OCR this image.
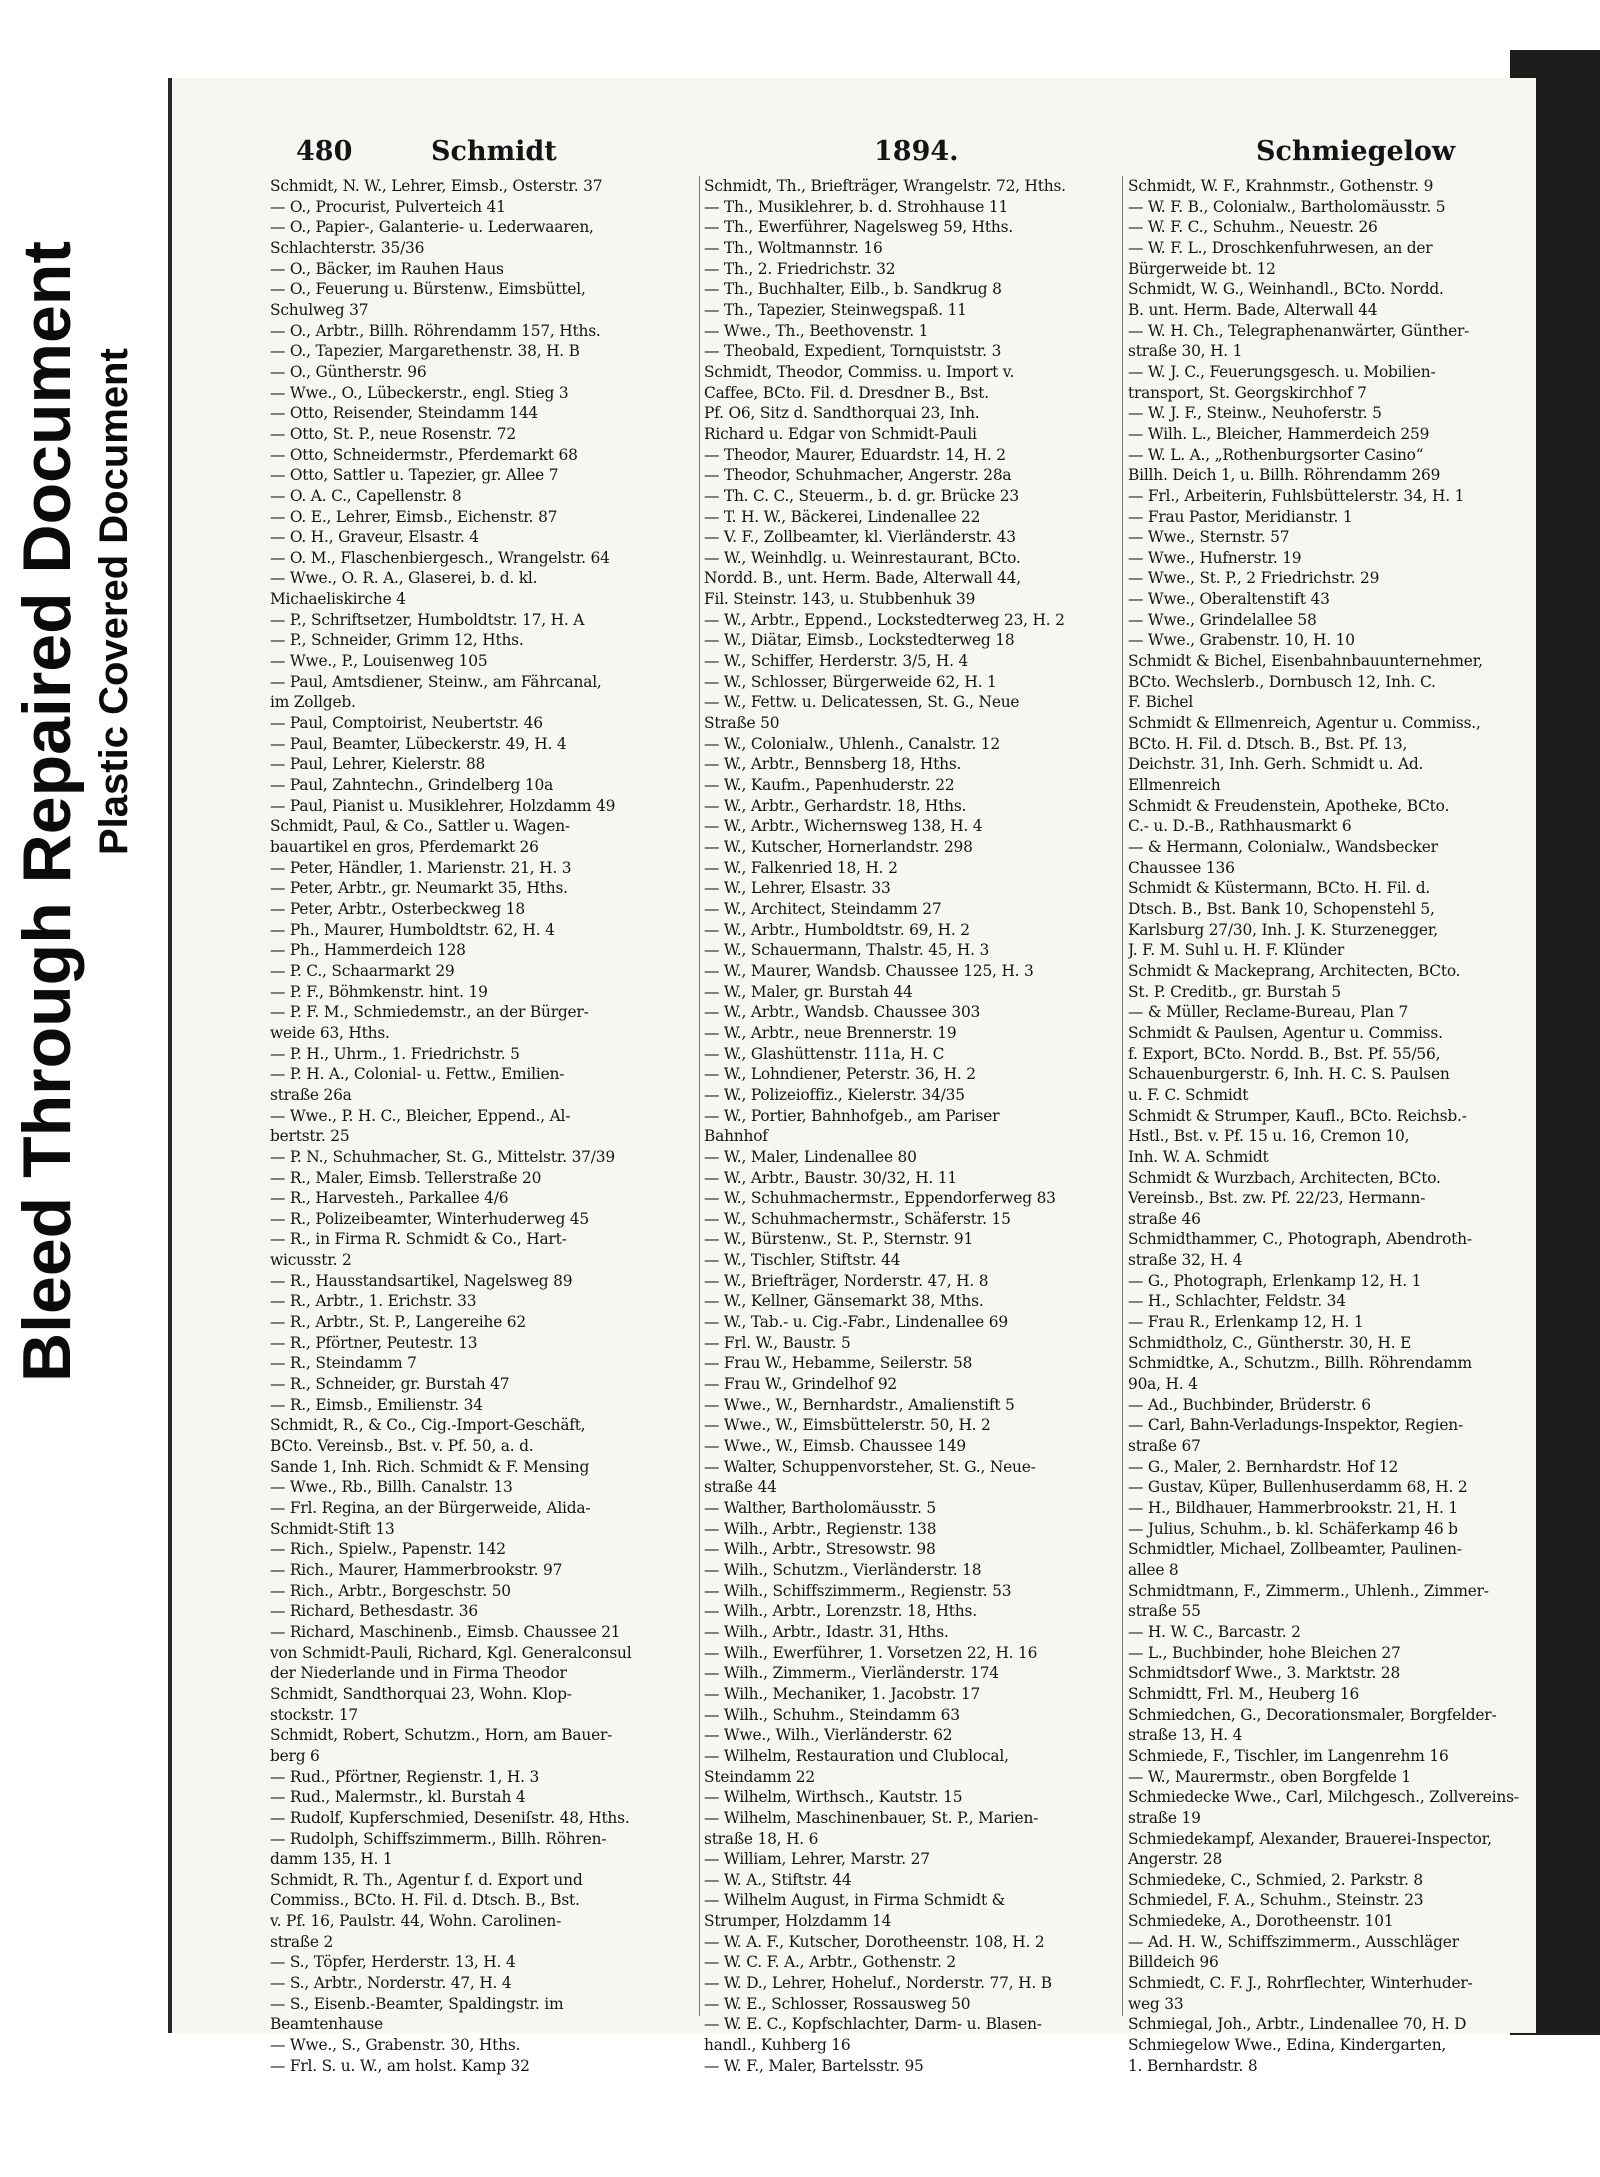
Bleed Through Repaired Document Plastic Covered Document
480	Schmidt	1894.	Schmiegelow

Schmidt, N. W., Lehrer, Eimsb., Osterstr. 37

— O., Procurist, Pulverteich 41

— O., Papier-, Galanterie- u. Lederwaaren,

Schlachterstr. 35/36

— O., Bäcker, im Rauhen Haus

— O., Feuerung u. Bürstenw., Eimsbüttel,

Schulweg 37

— O., Arbtr., Billh. Röhrendamm 157, Hths.

— O., Tapezier, Margarethenstr. 38, H. B

— O., Güntherstr. 96

— Wwe., O., Lübeckerstr., engl. Stieg 3

— Otto, Reisender, Steindamm 144

— Otto, St. P., neue Rosenstr. 72

— Otto, Schneidermstr., Pferdemarkt 68

— Otto, Sattler u. Tapezier, gr. Allee 7

— O. A. C., Capellenstr. 8

— O. E., Lehrer, Eimsb., Eichenstr. 87

— O. H., Graveur, Elsastr. 4

— O. M., Flaschenbiergesch., Wrangelstr. 64

— Wwe., O. R. A., Glaserei, b. d. kl.

Michaeliskirche 4

— P., Schriftsetzer, Humboldtstr. 17, H. A

— P., Schneider, Grimm 12, Hths.

— Wwe., P., Louisenweg 105

— Paul, Amtsdiener, Steinw., am Fährcanal,

im Zollgeb.

— Paul, Comptoirist, Neubertstr. 46

— Paul, Beamter, Lübeckerstr. 49, H. 4

— Paul, Lehrer, Kielerstr. 88

— Paul, Zahntechn., Grindelberg 10a

— Paul, Pianist u. Musiklehrer, Holzdamm 49

Schmidt, Paul, & Co., Sattler u. Wagen-

bauartikel en gros, Pferdemarkt 26

— Peter, Händler, 1. Marienstr. 21, H. 3

— Peter, Arbtr., gr. Neumarkt 35, Hths.

— Peter, Arbtr., Osterbeckweg 18

— Ph., Maurer, Humboldtstr. 62, H. 4

— Ph., Hammerdeich 128

— P. C., Schaarmarkt 29

— P. F., Böhmkenstr. hint. 19

— P. F. M., Schmiedemstr., an der Bürger-

weide 63, Hths.

— P. H., Uhrm., 1. Friedrichstr. 5

— P. H. A., Colonial- u. Fettw., Emilien-

straße 26a

— Wwe., P. H. C., Bleicher, Eppend., Al-

bertstr. 25

— P. N., Schuhmacher, St. G., Mittelstr. 37/39

— R., Maler, Eimsb. Tellerstraße 20

— R., Harvestеh., Parkallee 4/6

— R., Polizeibeamter, Winterhuderweg 45

— R., in Firma R. Schmidt & Co., Hart-

wicusstr. 2

— R., Hausstandsartikel, Nagelsweg 89

— R., Arbtr., 1. Erichstr. 33

— R., Arbtr., St. P., Langereihe 62

— R., Pförtner, Peutestr. 13

— R., Steindamm 7

— R., Schneider, gr. Burstah 47

— R., Eimsb., Emilienstr. 34

Schmidt, R., & Co., Cig.-Import-Geschäft,

BCto. Vereinsb., Bst. v. Pf. 50, a. d.

Sande 1, Inh. Rich. Schmidt & F. Mensing

— Wwe., Rb., Billh. Canalstr. 13

— Frl. Regina, an der Bürgerweide, Alida-

Schmidt-Stift 13

— Rich., Spielw., Papenstr. 142

— Rich., Maurer, Hammerbrookstr. 97

— Rich., Arbtr., Borgeschstr. 50

— Richard, Bethesdastr. 36

— Richard, Maschinenb., Eimsb. Chaussee 21

von Schmidt-Pauli, Richard, Kgl. Generalconsul

der Niederlande und in Firma Theodor

Schmidt, Sandthorquai 23, Wohn. Klop-

stockstr. 17

Schmidt, Robert, Schutzm., Horn, am Bauer-

berg 6

— Rud., Pförtner, Regienstr. 1, H. 3

— Rud., Malermstr., kl. Burstah 4

— Rudolf, Kupferschmied, Deseniſstr. 48, Hths.

— Rudolph, Schiffszimmerm., Billh. Röhren-

damm 135, H. 1

Schmidt, R. Th., Agentur f. d. Export und

Commiss., BCto. H. Fil. d. Dtsch. B., Bst.

v. Pf. 16, Paulstr. 44, Wohn. Carolinen-

straße 2

— S., Töpfer, Herderstr. 13, H. 4

— S., Arbtr., Norderstr. 47, H. 4

— S., Eisenb.-Beamter, Spaldingstr. im

Beamtenhause

— Wwe., S., Grabenstr. 30, Hths.

— Frl. S. u. W., am holst. Kamp 32

Schmidt, Th., Briefträger, Wrangelstr. 72, Hths.

— Th., Musiklehrer, b. d. Strohhause 11

— Th., Ewerführer, Nagelsweg 59, Hths.

— Th., Woltmannstr. 16

— Th., 2. Friedrichstr. 32

— Th., Buchhalter, Eilb., b. Sandkrug 8

— Th., Tapezier, Steinwegspaß. 11

— Wwe., Th., Beethovenstr. 1

— Theobald, Expedient, Tornquiststr. 3

Schmidt, Theodor, Commiss. u. Import v.

Caffee, BCto. Fil. d. Dresdner B., Bst.

Pf. O6, Sitz d. Sandthorquai 23, Inh.

Richard u. Edgar von Schmidt-Pauli

— Theodor, Maurer, Eduardstr. 14, H. 2

— Theodor, Schuhmacher, Angerstr. 28a

— Th. C. C., Steuerm., b. d. gr. Brücke 23

— T. H. W., Bäckerei, Lindenallee 22

— V. F., Zollbeamter, kl. Vierländerstr. 43

— W., Weinhdlg. u. Weinrestaurant, BCto.

Nordd. B., unt. Herm. Bade, Alterwall 44,

Fil. Steinstr. 143, u. Stubbenhuk 39

— W., Arbtr., Eppend., Lockstedterweg 23, H. 2

— W., Diätar, Eimsb., Lockstedterweg 18

— W., Schiffer, Herderstr. 3/5, H. 4

— W., Schlosser, Bürgerweide 62, H. 1

— W., Fettw. u. Delicatessen, St. G., Neue

Straße 50

— W., Colonialw., Uhlenh., Canalstr. 12

— W., Arbtr., Bennsberg 18, Hths.

— W., Kaufm., Papenhuderstr. 22

— W., Arbtr., Gerhardstr. 18, Hths.

— W., Arbtr., Wichernsweg 138, H. 4

— W., Kutscher, Hornerlandstr. 298

— W., Falkenried 18, H. 2

— W., Lehrer, Elsastr. 33

— W., Architect, Steindamm 27

— W., Arbtr., Humboldtstr. 69, H. 2

— W., Schauermann, Thalstr. 45, H. 3

— W., Maurer, Wandsb. Chaussee 125, H. 3

— W., Maler, gr. Burstah 44

— W., Arbtr., Wandsb. Chaussee 303

— W., Arbtr., neue Brennerstr. 19

— W., Glashüttenstr. 111a, H. C

— W., Lohndiener, Peterstr. 36, H. 2

— W., Polizeioffiz., Kielerstr. 34/35

— W., Portier, Bahnhofgeb., am Pariser

Bahnhof

— W., Maler, Lindenallee 80

— W., Arbtr., Baustr. 30/32, H. 11

— W., Schuhmachermstr., Eppendorferweg 83

— W., Schuhmachermstr., Schäferstr. 15

— W., Bürstenw., St. P., Sternstr. 91

— W., Tischler, Stiftstr. 44

— W., Briefträger, Norderstr. 47, H. 8

— W., Kellner, Gänsemarkt 38, Mths.

— W., Tab.- u. Cig.-Fabr., Lindenallee 69

— Frl. W., Baustr. 5

— Frau W., Hebamme, Seilerstr. 58

— Frau W., Grindelhof 92

— Wwe., W., Bernhardstr., Amalienstift 5

— Wwe., W., Eimsbüttelerstr. 50, H. 2

— Wwe., W., Eimsb. Chaussee 149

— Walter, Schuppenvorsteher, St. G., Neue-

straße 44

— Walther, Bartholomäusstr. 5

— Wilh., Arbtr., Regienstr. 138

— Wilh., Arbtr., Stresowstr. 98

— Wilh., Schutzm., Vierländerstr. 18

— Wilh., Schiffszimmerm., Regienstr. 53

— Wilh., Arbtr., Lorenzstr. 18, Hths.

— Wilh., Arbtr., Idastr. 31, Hths.

— Wilh., Ewerführer, 1. Vorsetzen 22, H. 16

— Wilh., Zimmerm., Vierländerstr. 174

— Wilh., Mechaniker, 1. Jacobstr. 17

— Wilh., Schuhm., Steindamm 63

— Wwe., Wilh., Vierländerstr. 62

— Wilhelm, Restauration und Clublocal,

Steindamm 22

— Wilhelm, Wirthsch., Kautstr. 15

— Wilhelm, Maschinenbauer, St. P., Marien-

straße 18, H. 6

— William, Lehrer, Marstr. 27

— W. A., Stiftstr. 44

— Wilhelm August, in Firma Schmidt &

Strumper, Holzdamm 14

— W. A. F., Kutscher, Dorotheenstr. 108, H. 2

— W. C. F. A., Arbtr., Gothenstr. 2

— W. D., Lehrer, Hoheluf., Norderstr. 77, H. B

— W. E., Schlosser, Rossausweg 50

— W. E. C., Kopfschlachter, Darm- u. Blasen-

handl., Kuhberg 16

— W. F., Maler, Bartelsstr. 95

Schmidt, W. F., Krahnmstr., Gothenstr. 9

— W. F. B., Colonialw., Bartholomäusstr. 5

— W. F. C., Schuhm., Neuestr. 26

— W. F. L., Droschkenfuhrwesen, an der

Bürgerweide bt. 12

Schmidt, W. G., Weinhandl., BCto. Nordd.

B. unt. Herm. Bade, Alterwall 44

— W. H. Ch., Telegraphenanwärter, Günther-

straße 30, H. 1

— W. J. C., Feuerungsgesch. u. Mobilien-

transport, St. Georgskirchhof 7

— W. J. F., Steinw., Neuhoferstr. 5

— Wilh. L., Bleicher, Hammerdeich 259

— W. L. A., „Rothenburgsorter Casino“

Billh. Deich 1, u. Billh. Röhrendamm 269

— Frl., Arbeiterin, Fuhlsbüttelerstr. 34, H. 1

— Frau Pastor, Meridianstr. 1

— Wwe., Sternstr. 57

— Wwe., Hufnerstr. 19

— Wwe., St. P., 2 Friedrichstr. 29

— Wwe., Oberaltenstift 43

— Wwe., Grindelallee 58

— Wwe., Grabenstr. 10, H. 10

Schmidt & Bichel, Eisenbahnbauunternehmer,

BCto. Wechslerb., Dornbusch 12, Inh. C.

F. Bichel

Schmidt & Ellmenreich, Agentur u. Commiss.,

BCto. H. Fil. d. Dtsch. B., Bst. Pf. 13,

Deichstr. 31, Inh. Gerh. Schmidt u. Ad.

Ellmenreich

Schmidt & Freudenstein, Apotheke, BCto.

C.- u. D.-B., Rathhausmarkt 6

— & Hermann, Colonialw., Wandsbecker

Chaussee 136

Schmidt & Küstermann, BCto. H. Fil. d.

Dtsch. B., Bst. Bank 10, Schopenstehl 5,

Karlsburg 27/30, Inh. J. K. Sturzenegger,

J. F. M. Suhl u. H. F. Klünder

Schmidt & Mackeprang, Architecten, BCto.

St. P. Creditb., gr. Burstah 5

— & Müller, Reclame-Bureau, Plan 7

Schmidt & Paulsen, Agentur u. Commiss.

f. Export, BCto. Nordd. B., Bst. Pf. 55/56,

Schauenburgerstr. 6, Inh. H. C. S. Paulsen

u. F. C. Schmidt

Schmidt & Strumper, Kaufl., BCto. Reichsb.-

Hstl., Bst. v. Pf. 15 u. 16, Cremon 10,

Inh. W. A. Schmidt

Schmidt & Wurzbach, Architecten, BCto.

Vereinsb., Bst. zw. Pf. 22/23, Hermann-

straße 46

Schmidthammer, C., Photograph, Abendroth-

straße 32, H. 4

— G., Photograph, Erlenkamp 12, H. 1

— H., Schlachter, Feldstr. 34

— Frau R., Erlenkamp 12, H. 1

Schmidtholz, C., Güntherstr. 30, H. E

Schmidtke, A., Schutzm., Billh. Röhrendamm

90a, H. 4

— Ad., Buchbinder, Brüderstr. 6

— Carl, Bahn-Verladungs-Inspektor, Regien-

straße 67

— G., Maler, 2. Bernhardstr. Hof 12

— Gustav, Küper, Bullenhuserdamm 68, H. 2

— H., Bildhauer, Hammerbrookstr. 21, H. 1

— Julius, Schuhm., b. kl. Schäferkamp 46 b

Schmidtler, Michael, Zollbeamter, Paulinen-

allee 8

Schmidtmann, F., Zimmerm., Uhlenh., Zimmer-

straße 55

— H. W. C., Barcastr. 2

— L., Buchbinder, hohe Bleichen 27

Schmidtsdorf Wwe., 3. Marktstr. 28

Schmidtt, Frl. M., Heuberg 16

Schmiedchen, G., Decorationsmaler, Borgfelder-

straße 13, H. 4

Schmiede, F., Tischler, im Langenrehm 16

— W., Maurermstr., oben Borgfelde 1

Schmiedecke Wwe., Carl, Milchgesch., Zollvereins-

straße 19

Schmiedekampf, Alexander, Brauerei-Inspector,

Angerstr. 28

Schmiedeke, C., Schmied, 2. Parkstr. 8

Schmiedel, F. A., Schuhm., Steinstr. 23

Schmiedeke, A., Dorotheenstr. 101

— Ad. H. W., Schiffszimmerm., Ausschläger

Billdeich 96

Schmiedt, C. F. J., Rohrflechter, Winterhuder-

weg 33

Schmiegal, Joh., Arbtr., Lindenallee 70, H. D

Schmiegelow Wwe., Edina, Kindergarten,

1. Bernhardstr. 8
